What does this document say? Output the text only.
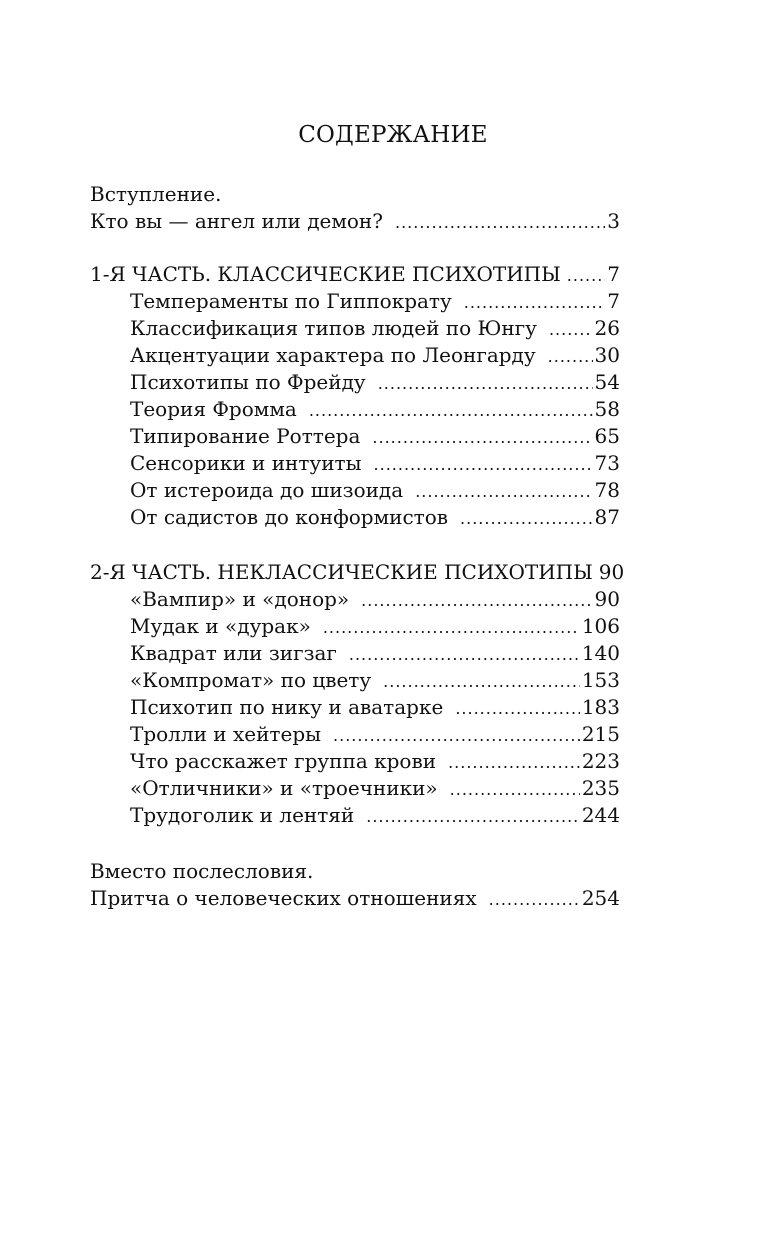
СОДЕРЖАНИЕ
Вступление.
Кто вы — ангел или демон? .....	3
1-Я ЧАСТЬ. КЛАССИЧЕСКИЕ ПСИХОТИПЫ ..... 7
Темпераменты по Гиппократу .....	7
Классификация типов людей по Юнгу .....	26
Акцентуации характера по Леонгарду .....	30
Психотипы по Фрейду .....	54
Теория Фромма .....	58
Типирование Роттера .....	65
Сенсорики и интуиты .....	73
От истероида до шизоида .....	78
От садистов до конформистов .....	87
2-Я ЧАСТЬ. НЕКЛАССИЧЕСКИЕ ПСИХОТИПЫ 90
«Вампир» и «донор» .....	90
Мудак и «дурак» .....	106
Квадрат или зигзаг .....	140
«Компромат» по цвету .....	153
Психотип по нику и аватарке .....	183
Тролли и хейтеры .....	215
Что расскажет группа крови .....	223
«Отличники» и «троечники» .....	235
Трудоголик и лентяй .....	244
Вместо послесловия.
Притча о человеческих отношениях .....	254
